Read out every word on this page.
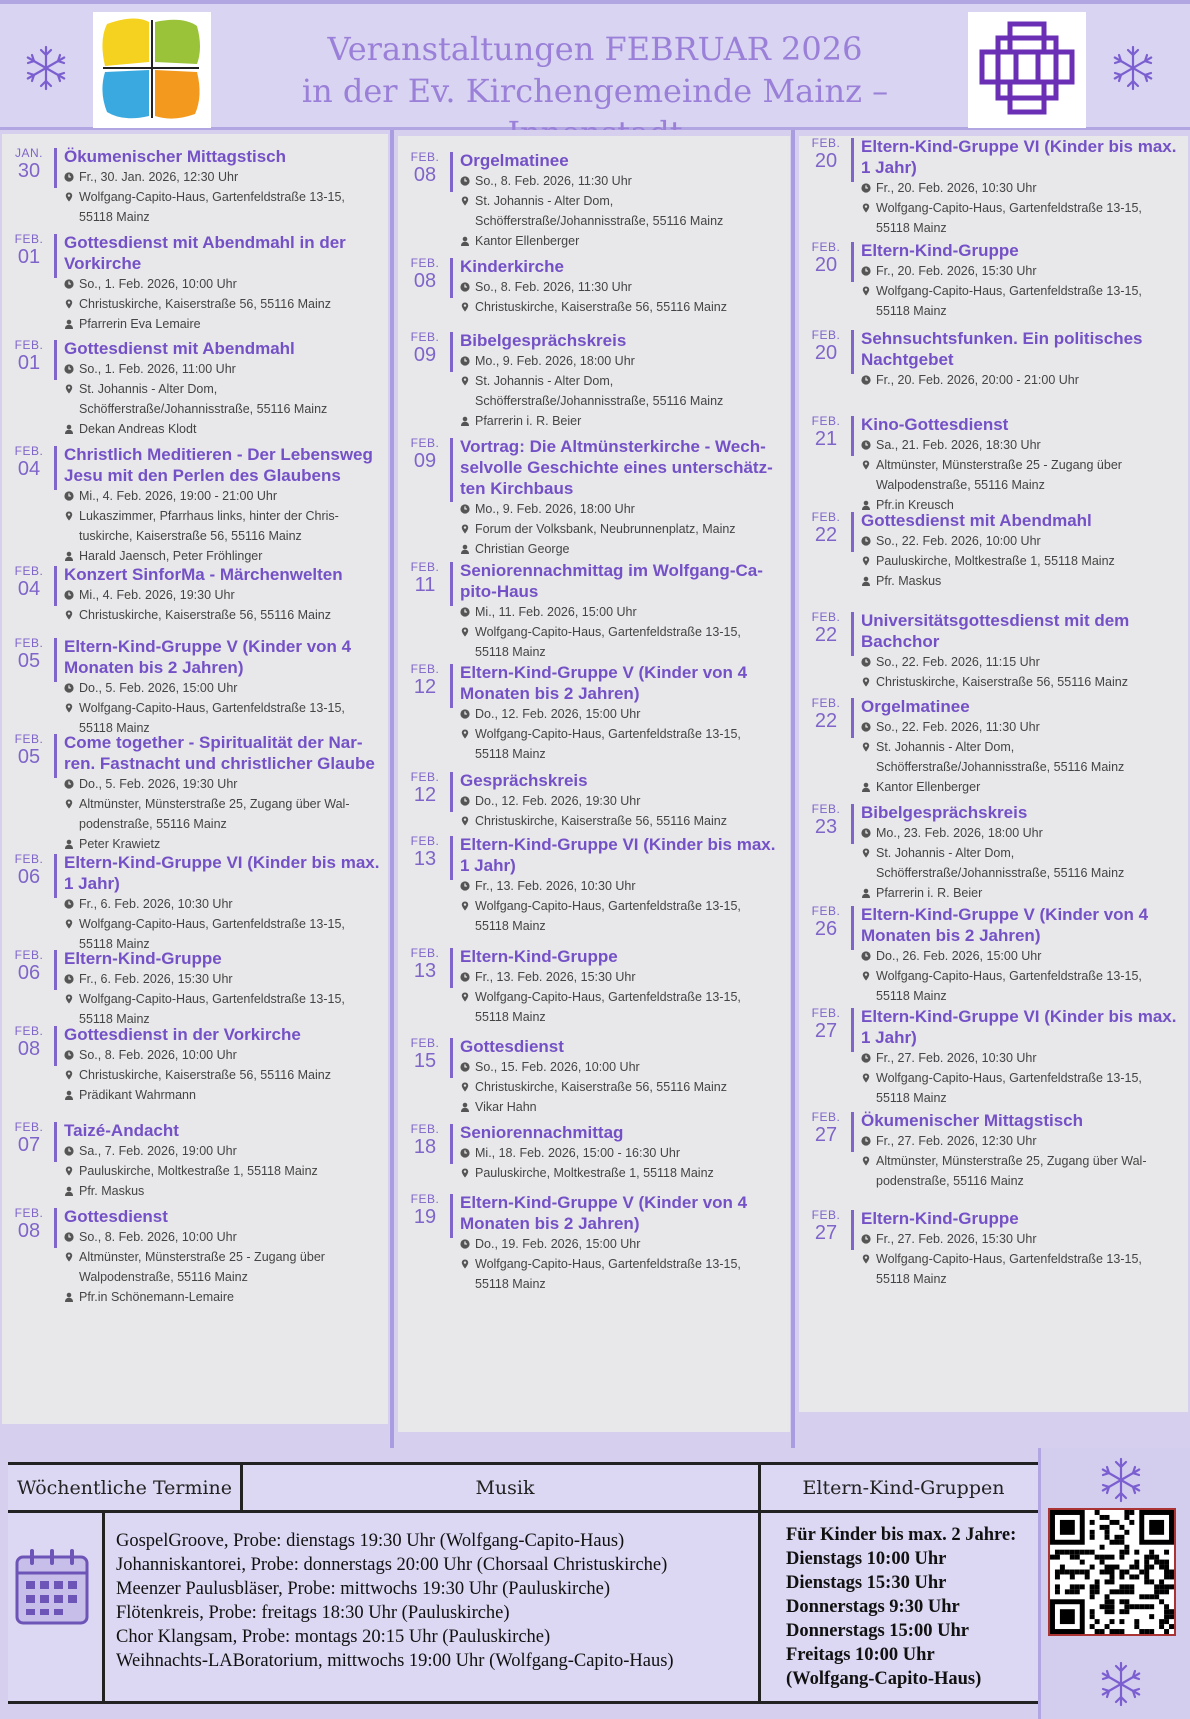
Veranstaltungen FEBRUAR 2026
in der Ev. Kirchengemeinde Mainz –
JAN.
30
Ökumenischer Mittagstisch
Fr., 30. Jan. 2026, 12:30 Uhr
Wolfgang-Capito-Haus, Gartenfeldstraße 13-15,
55118 Mainz
FEB.
01
Gottesdienst mit Abendmahl in der Vorkirche
So., 1. Feb. 2026, 10:00 Uhr
Christuskirche, Kaiserstraße 56, 55116 Mainz
Pfarrerin Eva Lemaire
FEB.
01
Gottesdienst mit Abendmahl
So., 1. Feb. 2026, 11:00 Uhr
St. Johannis - Alter Dom,
Schöfferstraße/Johannisstraße, 55116 Mainz
Dekan Andreas Klodt
FEB.
04
Christlich Meditieren - Der Lebensweg Jesu mit den Perlen des Glaubens
Mi., 4. Feb. 2026, 19:00 - 21:00 Uhr
Lukaszimmer, Pfarrhaus links, hinter der Chris-
tuskirche, Kaiserstraße 56, 55116 Mainz
Harald Jaensch, Peter Fröhlinger
FEB.
04
Konzert SinforMa - Märchenwelten
Mi., 4. Feb. 2026, 19:30 Uhr
Christuskirche, Kaiserstraße 56, 55116 Mainz
FEB.
05
Eltern-Kind-Gruppe V (Kinder von 4 Monaten bis 2 Jahren)
Do., 5. Feb. 2026, 15:00 Uhr
Wolfgang-Capito-Haus, Gartenfeldstraße 13-15,
55118 Mainz
FEB.
05
Come together - Spiritualität der Nar-ren. Fastnacht und christlicher Glaube
Do., 5. Feb. 2026, 19:30 Uhr
Altmünster, Münsterstraße 25, Zugang über Wal-
podenstraße, 55116 Mainz
Peter Krawietz
FEB.
06
Eltern-Kind-Gruppe VI (Kinder bis max. 1 Jahr)
Fr., 6. Feb. 2026, 10:30 Uhr
Wolfgang-Capito-Haus, Gartenfeldstraße 13-15,
55118 Mainz
FEB.
06
Eltern-Kind-Gruppe
Fr., 6. Feb. 2026, 15:30 Uhr
Wolfgang-Capito-Haus, Gartenfeldstraße 13-15,
55118 Mainz
FEB.
08
Gottesdienst in der Vorkirche
So., 8. Feb. 2026, 10:00 Uhr
Christuskirche, Kaiserstraße 56, 55116 Mainz
Prädikant Wahrmann
FEB.
07
Taizé-Andacht
Sa., 7. Feb. 2026, 19:00 Uhr
Pauluskirche, Moltkestraße 1, 55118 Mainz
Pfr. Maskus
FEB.
08
Gottesdienst
So., 8. Feb. 2026, 10:00 Uhr
Altmünster, Münsterstraße 25 - Zugang über
Walpodenstraße, 55116 Mainz
Pfr.in Schönemann-Lemaire
FEB.
08
Orgelmatinee
So., 8. Feb. 2026, 11:30 Uhr
St. Johannis - Alter Dom,
Schöfferstraße/Johannisstraße, 55116 Mainz
Kantor Ellenberger
FEB.
08
Kinderkirche
So., 8. Feb. 2026, 11:30 Uhr
Christuskirche, Kaiserstraße 56, 55116 Mainz
FEB.
09
Bibelgesprächskreis
Mo., 9. Feb. 2026, 18:00 Uhr
St. Johannis - Alter Dom,
Schöfferstraße/Johannisstraße, 55116 Mainz
Pfarrerin i. R. Beier
FEB.
09
Vortrag: Die Altmünsterkirche - Wech-selvolle Geschichte eines unterschätz-ten Kirchbaus
Mo., 9. Feb. 2026, 18:00 Uhr
Forum der Volksbank, Neubrunnenplatz, Mainz
Christian George
FEB.
11
Seniorennachmittag im Wolfgang-Ca-pito-Haus
Mi., 11. Feb. 2026, 15:00 Uhr
Wolfgang-Capito-Haus, Gartenfeldstraße 13-15,
55118 Mainz
FEB.
12
Eltern-Kind-Gruppe V (Kinder von 4 Monaten bis 2 Jahren)
Do., 12. Feb. 2026, 15:00 Uhr
Wolfgang-Capito-Haus, Gartenfeldstraße 13-15,
55118 Mainz
FEB.
12
Gesprächskreis
Do., 12. Feb. 2026, 19:30 Uhr
Christuskirche, Kaiserstraße 56, 55116 Mainz
FEB.
13
Eltern-Kind-Gruppe VI (Kinder bis max. 1 Jahr)
Fr., 13. Feb. 2026, 10:30 Uhr
Wolfgang-Capito-Haus, Gartenfeldstraße 13-15,
55118 Mainz
FEB.
13
Eltern-Kind-Gruppe
Fr., 13. Feb. 2026, 15:30 Uhr
Wolfgang-Capito-Haus, Gartenfeldstraße 13-15,
55118 Mainz
FEB.
15
Gottesdienst
So., 15. Feb. 2026, 10:00 Uhr
Christuskirche, Kaiserstraße 56, 55116 Mainz
Vikar Hahn
FEB.
18
Seniorennachmittag
Mi., 18. Feb. 2026, 15:00 - 16:30 Uhr
Pauluskirche, Moltkestraße 1, 55118 Mainz
FEB.
19
Eltern-Kind-Gruppe V (Kinder von 4 Monaten bis 2 Jahren)
Do., 19. Feb. 2026, 15:00 Uhr
Wolfgang-Capito-Haus, Gartenfeldstraße 13-15,
55118 Mainz
FEB.
20
Eltern-Kind-Gruppe VI (Kinder bis max. 1 Jahr)
Fr., 20. Feb. 2026, 10:30 Uhr
Wolfgang-Capito-Haus, Gartenfeldstraße 13-15,
55118 Mainz
FEB.
20
Eltern-Kind-Gruppe
Fr., 20. Feb. 2026, 15:30 Uhr
Wolfgang-Capito-Haus, Gartenfeldstraße 13-15,
55118 Mainz
FEB.
20
Sehnsuchtsfunken. Ein politisches Nachtgebet
Fr., 20. Feb. 2026, 20:00 - 21:00 Uhr
FEB.
21
Kino-Gottesdienst
Sa., 21. Feb. 2026, 18:30 Uhr
Altmünster, Münsterstraße 25 - Zugang über
Walpodenstraße, 55116 Mainz
Pfr.in Kreusch
FEB.
22
Gottesdienst mit Abendmahl
So., 22. Feb. 2026, 10:00 Uhr
Pauluskirche, Moltkestraße 1, 55118 Mainz
Pfr. Maskus
FEB.
22
Universitätsgottesdienst mit dem Bachchor
So., 22. Feb. 2026, 11:15 Uhr
Christuskirche, Kaiserstraße 56, 55116 Mainz
FEB.
22
Orgelmatinee
So., 22. Feb. 2026, 11:30 Uhr
St. Johannis - Alter Dom,
Schöfferstraße/Johannisstraße, 55116 Mainz
Kantor Ellenberger
FEB.
23
Bibelgesprächskreis
Mo., 23. Feb. 2026, 18:00 Uhr
St. Johannis - Alter Dom,
Schöfferstraße/Johannisstraße, 55116 Mainz
Pfarrerin i. R. Beier
FEB.
26
Eltern-Kind-Gruppe V (Kinder von 4 Monaten bis 2 Jahren)
Do., 26. Feb. 2026, 15:00 Uhr
Wolfgang-Capito-Haus, Gartenfeldstraße 13-15,
55118 Mainz
FEB.
27
Eltern-Kind-Gruppe VI (Kinder bis max. 1 Jahr)
Fr., 27. Feb. 2026, 10:30 Uhr
Wolfgang-Capito-Haus, Gartenfeldstraße 13-15,
55118 Mainz
FEB.
27
Ökumenischer Mittagstisch
Fr., 27. Feb. 2026, 12:30 Uhr
Altmünster, Münsterstraße 25, Zugang über Wal-
podenstraße, 55116 Mainz
FEB.
27
Eltern-Kind-Gruppe
Fr., 27. Feb. 2026, 15:30 Uhr
Wolfgang-Capito-Haus, Gartenfeldstraße 13-15,
55118 Mainz
Wöchentliche Termine	Musik	Eltern-Kind-Gruppen
GospelGroove, Probe: dienstags 19:30 Uhr (Wolfgang-Capito-Haus)
Johanniskantorei, Probe: donnerstags 20:00 Uhr (Chorsaal Christuskirche)
Meenzer Paulusbläser, Probe: mittwochs 19:30 Uhr (Pauluskirche)
Flötenkreis, Probe: freitags 18:30 Uhr (Pauluskirche)
Chor Klangsam, Probe: montags 20:15 Uhr (Pauluskirche)
Weihnachts-LABoratorium, mittwochs 19:00 Uhr (Wolfgang-Capito-Haus)
Für Kinder bis max. 2 Jahre:
Dienstags 10:00 Uhr
Dienstags 15:30 Uhr
Donnerstags 9:30 Uhr
Donnerstags 15:00 Uhr
Freitags 10:00 Uhr
(Wolfgang-Capito-Haus)
